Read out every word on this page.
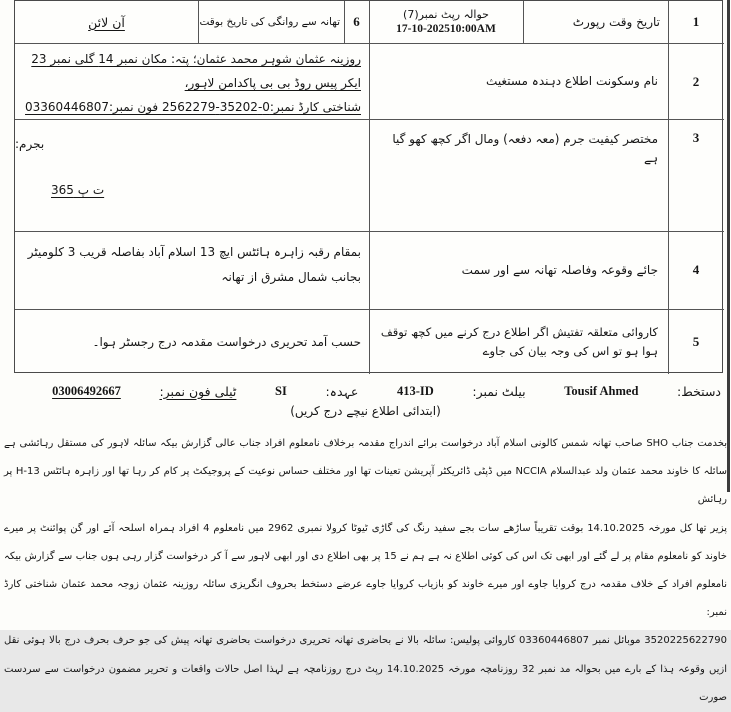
1
تاریخ وقت رپورٹ
حوالہ رپٹ نمبر(7)
17-10-202510:00AM
6
تھانہ سے روانگی کی تاریخ بوقت
آن لائن
2
نام وسکونت اطلاع دہندہ مستغیث
روزینہ عثمان شوہر محمد عثمان؛ پتہ: مکان نمبر 14 گلی نمبر 23 ایکر پیس روڈ بی بی پاکدامن لاہور،
شناختی کارڈ نمبر:0-35202-2562279 فون نمبر:03360446807
3
مختصر کیفیت جرم (معہ دفعہ) ومال اگر کچھ کھو گیا ہے
بجرم:
ت پ 365
4
جائے وقوعہ وفاصلہ تھانہ سے اور سمت
بمقام رقبہ زاہرہ ہائٹس ایچ 13 اسلام آباد بفاصلہ قریب 3 کلومیٹر بجانب شمال مشرق از تھانہ
5
کاروائی متعلقہ تفتیش اگر اطلاع درج کرنے میں کچھ توقف ہوا ہو تو اس کی وجہ بیان کی جاوے
حسب آمد تحریری درخواست مقدمہ درج رجسٹر ہوا۔
دستخط:
Tousif Ahmed
بیلٹ نمبر:
413-ID
عہدہ:
SI
ٹیلی فون نمبر:
03006492667
(ابتدائی اطلاع نیچے درج کریں)
بخدمت جناب SHO صاحب تھانہ شمس کالونی اسلام آباد درخواست برائے اندراج مقدمہ برخلاف نامعلوم افراد جناب عالی گزارش بیکہ سائلہ لاہور کی مستقل رہائشی ہے
سائلہ کا خاوند محمد عثمان ولد عبدالسلام NCCIA میں ڈپٹی ڈائریکٹر آپریشن تعینات تھا اور مختلف حساس نوعیت کے پروجیکٹ پر کام کر رہا تھا اور زاہرہ ہائٹس H-13 پر رہائش
پزیر تھا کل مورخہ 14.10.2025 بوقت تقریباً ساڑھے سات بجے سفید رنگ کی گاڑی ٹیوٹا کرولا نمبری 2962 میں نامعلوم 4 افراد ہمراہ اسلحہ آئے اور گن پوائنٹ پر میرے
خاوند کو نامعلوم مقام پر لے گئے اور ابھی تک اس کی کوئی اطلاع نہ ہے ہم نے 15 پر بھی اطلاع دی اور ابھی لاہور سے آ کر درخواست گزار رہی ہوں جناب سے گزارش بیکہ
نامعلوم افراد کے خلاف مقدمہ درج کروایا جاوے اور میرے خاوند کو بازیاب کروایا جاوے عرضے دستخط بحروف انگریزی سائلہ روزینہ عثمان زوجہ محمد عثمان شناختی کارڈ نمبر:
3520225622790 موبائل نمبر 03360446807 کاروائی پولیس: سائلہ بالا نے بحاضری تھانہ تحریری درخواست بحاضری تھانہ پیش کی جو حرف بحرف درج بالا ہوئی نقل
ازیں وقوعہ ہذا کے بارے میں بحوالہ مد نمبر 32 روزنامچہ مورخہ 14.10.2025 رپٹ درج روزنامچہ ہے لہذا اصل حالات واقعات و تحریر مضمون درخواست سے سردست صورت
